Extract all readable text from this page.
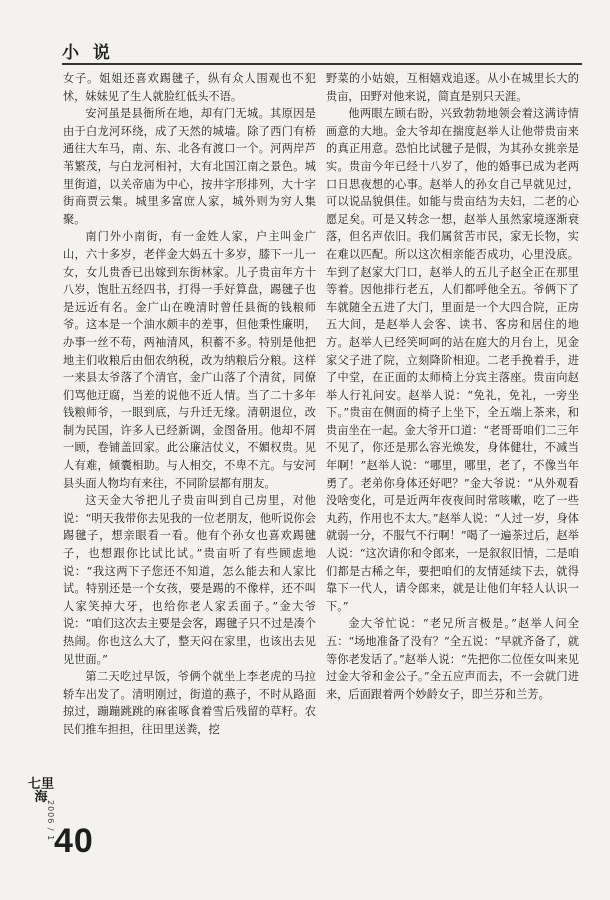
小 说

女子。姐姐还喜欢踢毽子，纵有众人围观也不犯怵，妹妹见了生人就脸红低头不语。

安河虽是县衙所在地，却有门无城。其原因是由于白龙河环绕，成了天然的城墙。除了西门有桥通往大车马，南、东、北各有渡口一个。河两岸芦苇繁茂，与白龙河相衬，大有北国江南之景色。城里街道，以关帝庙为中心，按井字形排列，大十字街商贾云集。城里多富庶人家，城外则为穷人集聚。

南门外小南街，有一金姓人家，户主叫金广山，六十多岁，老伴金大妈五十多岁，膝下一儿一女，女儿贵香已出嫁到东街林家。儿子贵亩年方十八岁，饱肚五经四书，打得一手好算盘，踢毽子也是远近有名。金广山在晚清时曾任县衙的钱粮师爷。这本是一个油水颇丰的差事，但他秉性廉明，办事一丝不苟，两袖清风，积蓄不多。特别是他把地主们收粮后由佃农纳税，改为纳粮后分粮。这样一来县太爷落了个清官，金广山落了个清贫，同僚们骂他迂腐，当差的说他不近人情。当了二十多年钱粮师爷，一眼到底，与升迁无缘。清朝退位，改制为民国，许多人已经新调，金图备用。他却不屑一顾，卷铺盖回家。此公廉洁仗义，不媚权贵。见人有难，倾囊相助。与人相交，不卑不亢。与安河县头面人物均有来往，不同阶层都有朋友。

这天金大爷把儿子贵亩叫到自己房里，对他说：“明天我带你去见我的一位老朋友，他听说你会踢毽子，想亲眼看一看。他有个孙女也喜欢踢毽子，也想跟你比试比试。”贵亩听了有些顾虑地说：“我这两下子您还不知道，怎么能去和人家比试。特别还是一个女孩，要是踢的不像样，还不叫人家笑掉大牙，也给你老人家丢面子。”金大爷说：“咱们这次去主要是会客，踢毽子只不过是凑个热闹。你也这么大了，整天闷在家里，也该出去见见世面。”

第二天吃过早饭，爷俩个就坐上李老虎的马拉轿车出发了。清明刚过，街道的燕子，不时从路面掠过，蹦蹦跳跳的麻雀啄食着雪后残留的草籽。农民们推车担担，往田里送粪，挖

野菜的小姑娘，互相嬉戏追逐。从小在城里长大的贵亩，田野对他来说，简直是别只天涯。

他两眼左顾右盼，兴致勃勃地领会着这满诗情画意的大地。金大爷却在揣度赵举人让他带贵亩来的真正用意。恐怕比试毽子是假，为其孙女挑亲是实。贵亩今年已经十八岁了，他的婚事已成为老两口日思夜想的心事。赵举人的孙女自己早就见过，可以说品貌俱佳。如能与贵亩结为夫妇，二老的心愿足矣。可是又转念一想，赵举人虽然家境逐渐衰落，但名声依旧。我们属贫苦市民，家无长物，实在难以匹配。所以这次相亲能否成功，心里没底。车到了赵家大门口，赵举人的五儿子赵全正在那里等着。因他排行老五，人们都呼他全五。爷俩下了车就随全五进了大门，里面是一个大四合院，正房五大间，是赵举人会客、读书、客房和居住的地方。赵举人已经笑呵呵的站在庭大的月台上，见金家父子进了院，立刻降阶相迎。二老手挽着手，进了中堂，在正面的太师椅上分宾主落座。贵亩向赵举人行礼问安。赵举人说：“免礼，免礼，一旁坐下。”贵亩在侧面的椅子上坐下，全五端上茶来，和贵亩坐在一起。金大爷开口道：“老哥哥咱们二三年不见了，你还是那么容光焕发，身体健壮，不减当年啊！”赵举人说：“哪里，哪里，老了，不像当年勇了。老弟你身体还好吧？”金大爷说：“从外观看没啥变化，可是近两年夜夜间时常咳嗽，吃了一些丸药，作用也不太大。”赵举人说：“人过一岁，身体就弱一分，不服气不行啊！”喝了一遍茶过后，赵举人说：“这次请你和令郎来，一是叙叙旧情，二是咱们都是古稀之年，要把咱们的友情延续下去，就得靠下一代人，请令郎来，就是让他们年轻人认识一下。”

金大爷忙说：“老兄所言极是。”赵举人问全五：“场地准备了没有？”全五说：“早就齐备了，就等你老发话了。”赵举人说：“先把你二位侄女叫来见过金大爷和金公子。”全五应声而去，不一会就门进来，后面跟着两个妙龄女子，即兰芬和兰芳。

七里海
2006 / 1 40
